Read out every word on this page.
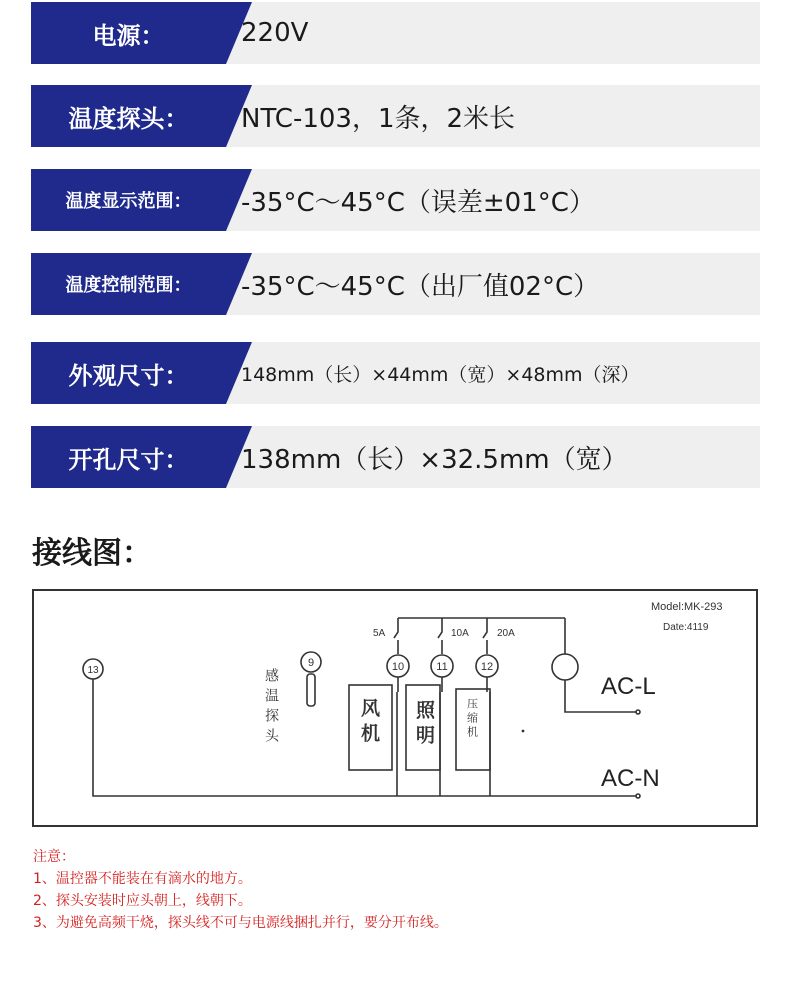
电源：	220V
温度探头：	NTC-103，1条，2米长
温度显示范围：	-35°C～45°C（误差±01°C）
温度控制范围：	-35°C～45°C（出厂值02°C）
外观尺寸：	148mm（长）×44mm（宽）×48mm（深）
开孔尺寸：	138mm（长）×32.5mm（宽）
接线图：
Model:MK-293
Date:4119
5A	10A	20A
9	10	11	12
13	感温探头	风机 照明	压缩机
AC-L
AC-N
注意：
1、温控器不能装在有滴水的地方。
2、探头安装时应头朝上，线朝下。
3、为避免高频干烧，探头线不可与电源线捆扎并行，要分开布线。
